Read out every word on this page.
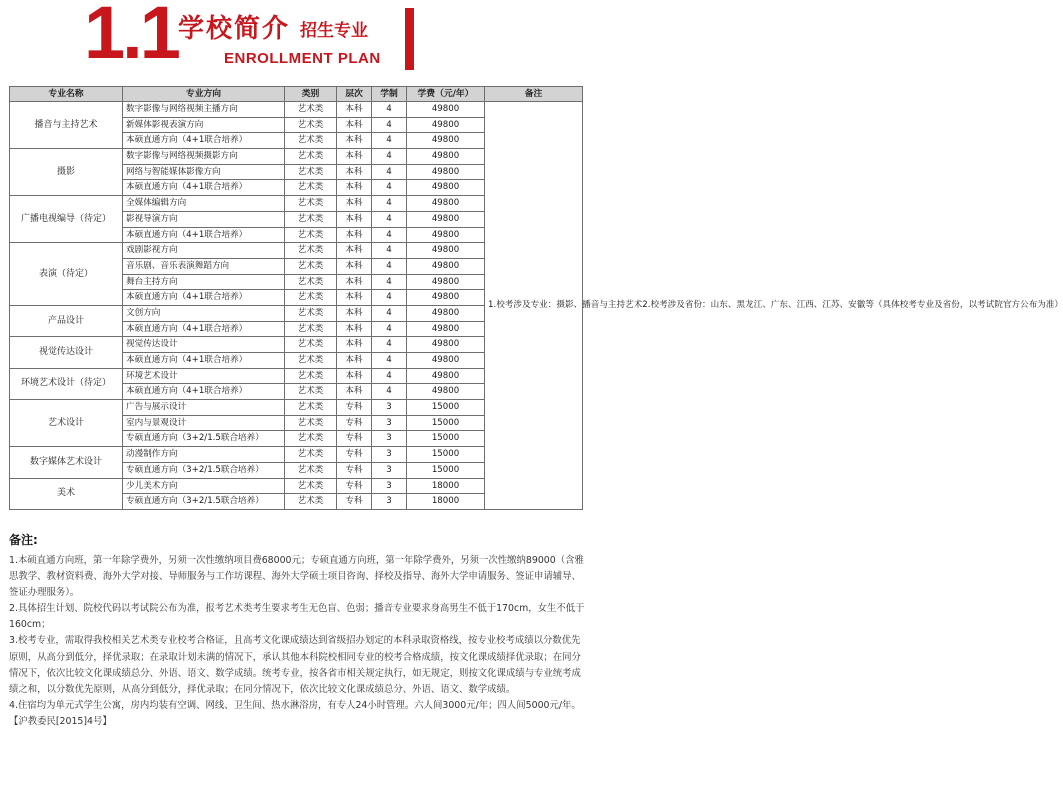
1.1 学校简介 招生专业
ENROLLMENT PLAN
专业名称	专业方向	类别	层次	学制	学费（元/年）	备注
播音与主持艺术	数字影像与网络视频主播方向	艺术类	本科	4	49800	1.校考涉及专业：摄影、播音与主持艺术2.校考涉及省份：山东、黑龙江、广东、江西、江苏、安徽等（具体校考专业及省份，以考试院官方公布为准）
	新媒体影视表演方向	艺术类	本科	4	49800	
	本硕直通方向（4+1联合培养）	艺术类	本科	4	49800	
摄影	数字影像与网络视频摄影方向	艺术类	本科	4	49800	
	网络与智能媒体影像方向	艺术类	本科	4	49800	
	本硕直通方向（4+1联合培养）	艺术类	本科	4	49800	
广播电视编导（待定）	全媒体编辑方向	艺术类	本科	4	49800	
	影视导演方向	艺术类	本科	4	49800	
	本硕直通方向（4+1联合培养）	艺术类	本科	4	49800	
表演（待定）	戏剧影视方向	艺术类	本科	4	49800	
	音乐剧、音乐表演舞蹈方向	艺术类	本科	4	49800	
	舞台主持方向	艺术类	本科	4	49800	
	本硕直通方向（4+1联合培养）	艺术类	本科	4	49800	
产品设计	文创方向	艺术类	本科	4	49800	
	本硕直通方向（4+1联合培养）	艺术类	本科	4	49800	
视觉传达设计	视觉传达设计	艺术类	本科	4	49800	
	本硕直通方向（4+1联合培养）	艺术类	本科	4	49800	
环境艺术设计（待定）	环境艺术设计	艺术类	本科	4	49800	
	本硕直通方向（4+1联合培养）	艺术类	本科	4	49800	
艺术设计	广告与展示设计	艺术类	专科	3	15000	
	室内与景观设计	艺术类	专科	3	15000	
	专硕直通方向（3+2/1.5联合培养）	艺术类	专科	3	15000	
数字媒体艺术设计	动漫制作方向	艺术类	专科	3	15000	
	专硕直通方向（3+2/1.5联合培养）	艺术类	专科	3	15000	
美术	少儿美术方向	艺术类	专科	3	18000	
	专硕直通方向（3+2/1.5联合培养）	艺术类	专科	3	18000	
备注:

1.本硕直通方向班，第一年除学费外，另须一次性缴纳项目费68000元；专硕直通方向班，第一年除学费外，另须一次性缴纳89000（含雅思教学、教材资料费、海外大学对接、导师服务与工作坊课程、海外大学硕士项目咨询、择校及指导、海外大学申请服务、签证申请辅导、签证办理服务）。

2.具体招生计划、院校代码以考试院公布为准，报考艺术类考生要求考生无色盲、色弱；播音专业要求身高男生不低于170cm，女生不低于160cm；

3.校考专业，需取得我校相关艺术类专业校考合格证，且高考文化课成绩达到省级招办划定的本科录取资格线，按专业校考成绩以分数优先原则，从高分到低分，择优录取；在录取计划未满的情况下，承认其他本科院校相同专业的校考合格成绩，按文化课成绩择优录取；在同分情况下，依次比较文化课成绩总分、外语、语文、数学成绩。统考专业，按各省市相关规定执行，如无规定，则按文化课成绩与专业统考成绩之和，以分数优先原则，从高分到低分，择优录取；在同分情况下，依次比较文化课成绩总分、外语、语文、数学成绩。

4.住宿均为单元式学生公寓，房内均装有空调、网线、卫生间、热水淋浴房，有专人24小时管理。六人间3000元/年；四人间5000元/年。【沪教委民[2015]4号】
